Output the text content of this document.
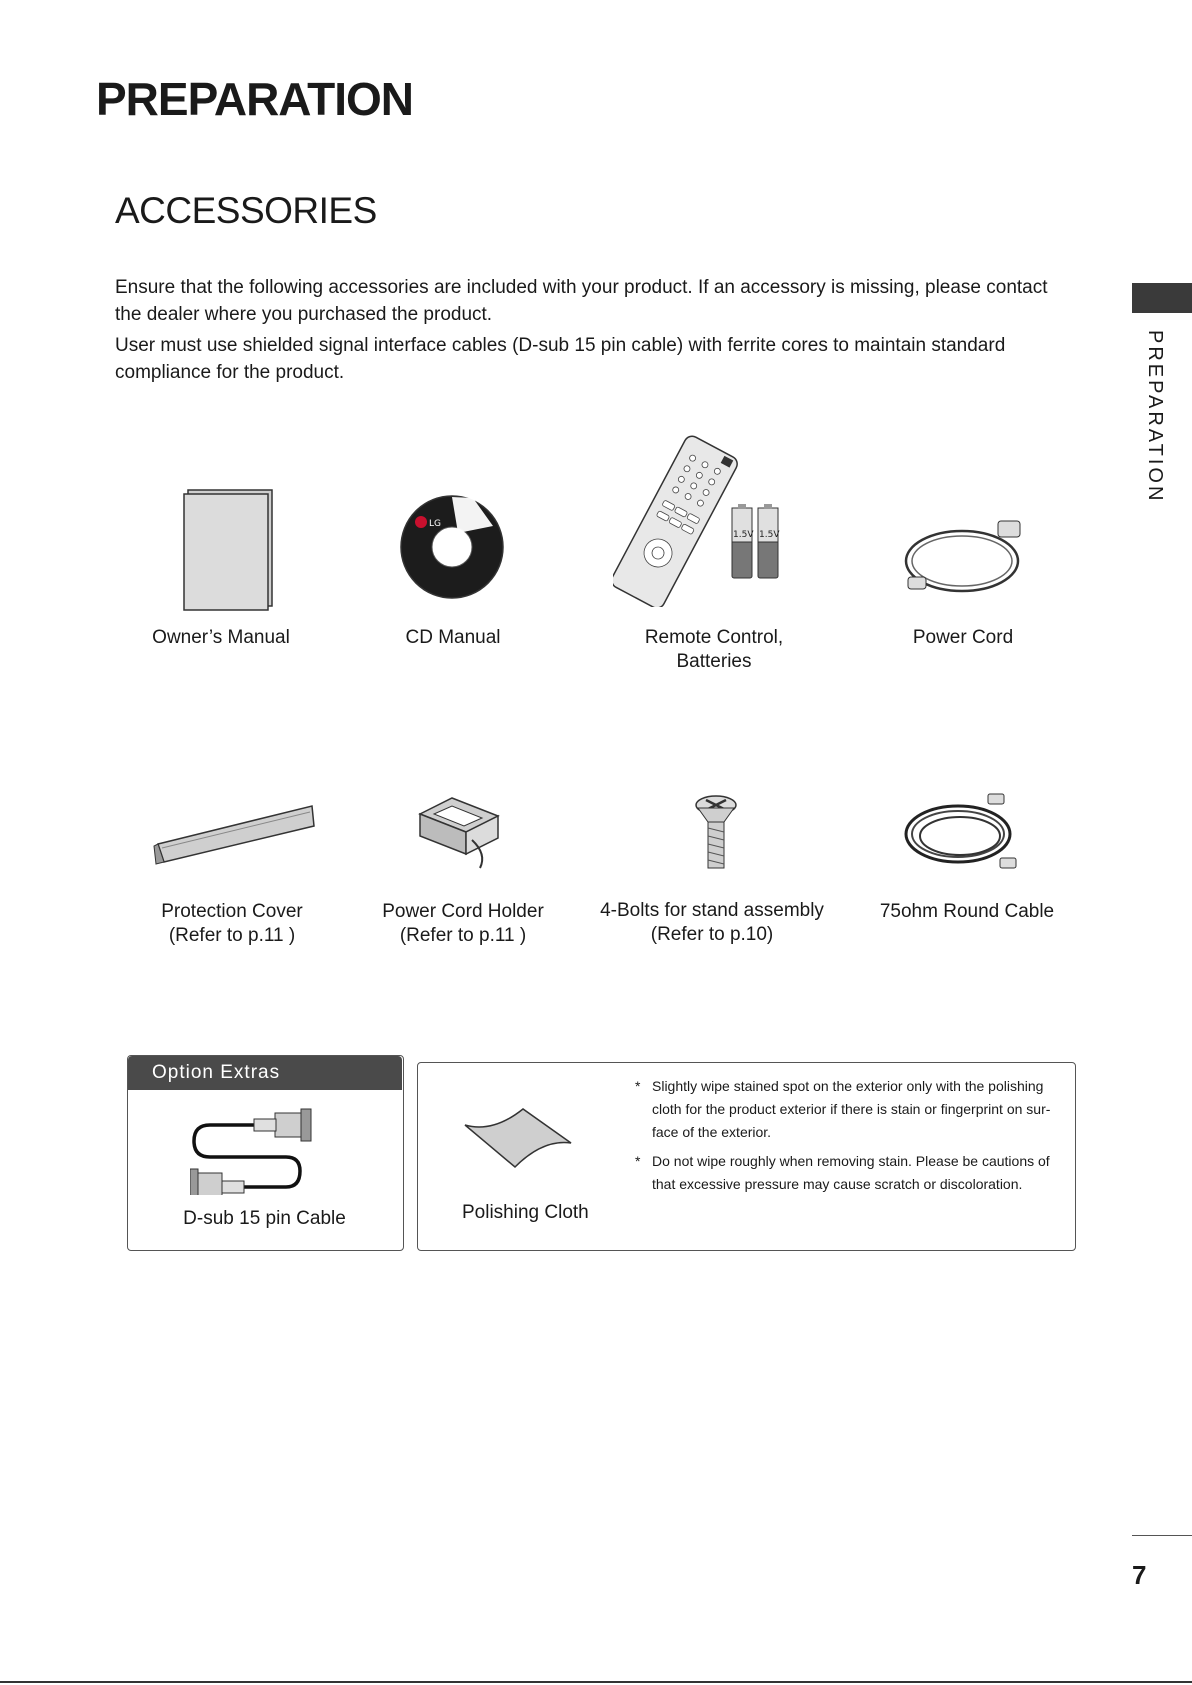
PREPARATION
ACCESSORIES

Ensure that the following accessories are included with your product. If an accessory is missing, please contact
the dealer where you purchased the product.

User must use shielded signal interface cables (D-sub 15 pin cable) with ferrite cores to maintain standard
compliance for the product.	PREPARATION
LG
1.5V 1.5V
Owner’s Manual	CD Manual	Remote Control,
Batteries
Power Cord
Protection Cover
(Refer to p.11 )
Power Cord Holder
(Refer to p.11 )
4-Bolts for stand assembly
(Refer to p.10)
75ohm Round Cable
Option Extras
D-sub 15 pin Cable	Polishing Cloth
* Slightly wipe stained spot on the exterior only with the polishing cloth for the product exterior if there is stain or fingerprint on sur-face of the exterior.
* Do not wipe roughly when removing stain. Please be cautions of that excessive pressure may cause scratch or discoloration.
7
